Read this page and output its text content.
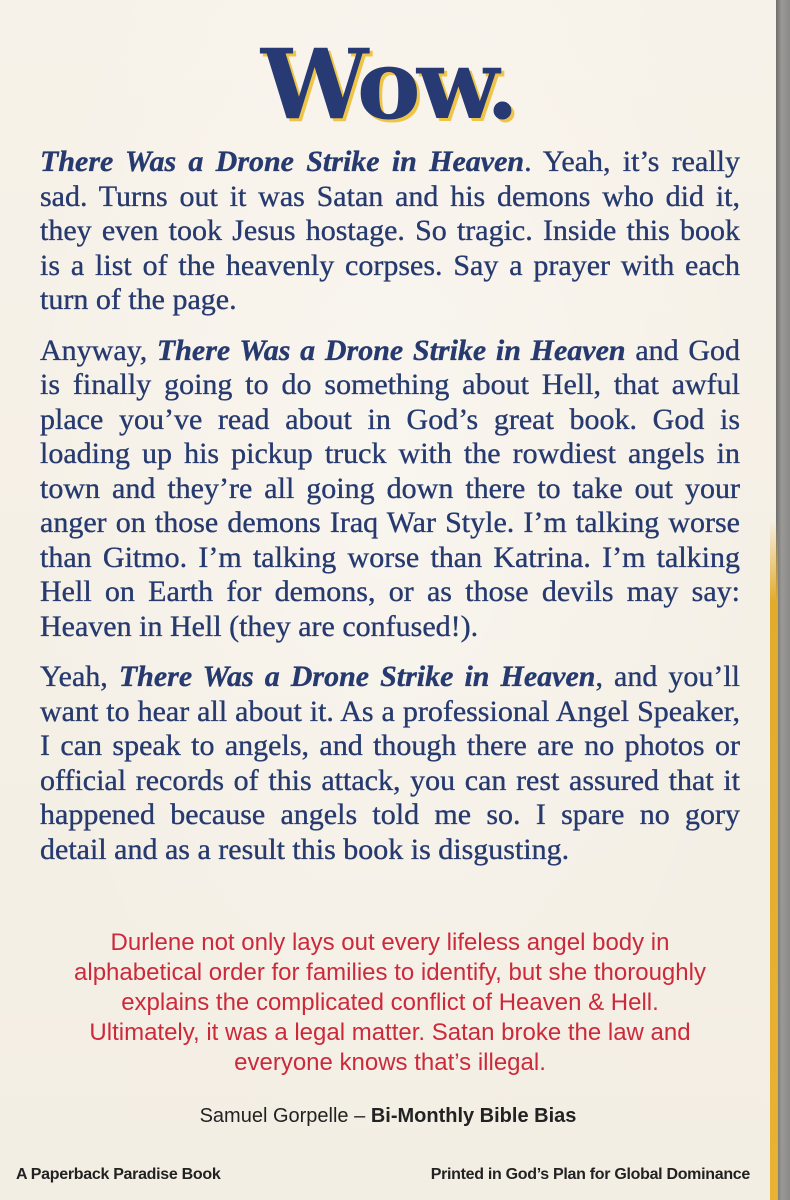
Wow.

There Was a Drone Strike in Heaven. Yeah, it’s really sad. Turns out it was Satan and his demons who did it, they even took Jesus hostage. So tragic. Inside this book is a list of the heavenly corpses. Say a prayer with each turn of the page.

Anyway, There Was a Drone Strike in Heaven and God is finally going to do something about Hell, that awful place you’ve read about in God’s great book. God is loading up his pickup truck with the rowdiest angels in town and they’re all going down there to take out your anger on those demons Iraq War Style. I’m talking worse than Gitmo. I’m talking worse than Katrina. I’m talking Hell on Earth for demons, or as those devils may say: Heaven in Hell (they are confused!).

Yeah, There Was a Drone Strike in Heaven, and you’ll want to hear all about it. As a professional Angel Speaker, I can speak to angels, and though there are no photos or official records of this attack, you can rest assured that it happened because angels told me so. I spare no gory detail and as a result this book is disgusting.

Durlene not only lays out every lifeless angel body in alphabetical order for families to identify, but she thoroughly explains the complicated conflict of Heaven & Hell. Ultimately, it was a legal matter. Satan broke the law and everyone knows that’s illegal.

Samuel Gorpelle – Bi-Monthly Bible Bias
A Paperback Paradise Book	Printed in God’s Plan for Global Dominance
